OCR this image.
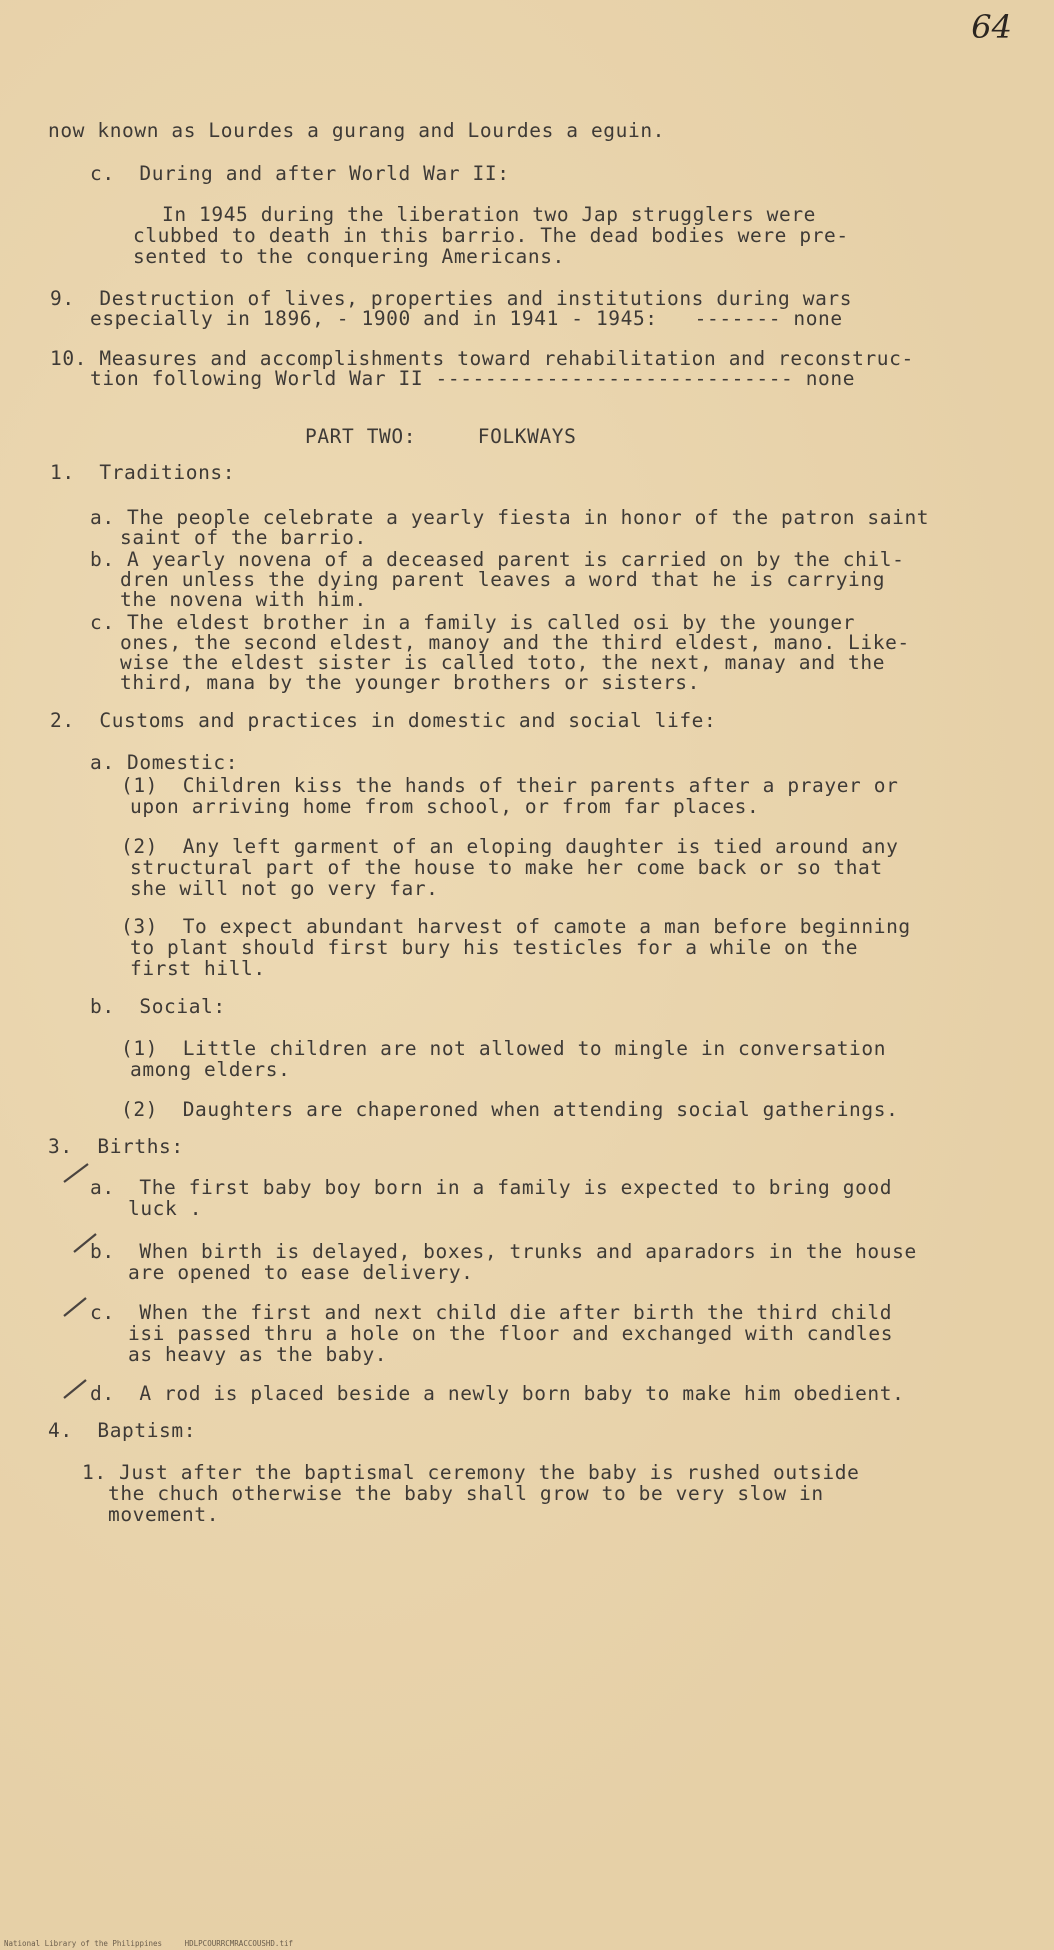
64
now known as Lourdes a gurang and Lourdes a eguin.
c.  During and after World War II:
In 1945 during the liberation two Jap strugglers were
clubbed to death in this barrio. The dead bodies were pre-
sented to the conquering Americans.
9.  Destruction of lives, properties and institutions during wars
especially in 1896, - 1900 and in 1941 - 1945:   ------- none
10. Measures and accomplishments toward rehabilitation and reconstruc-
tion following World War II ----------------------------- none
PART TWO:     FOLKWAYS
1.  Traditions:
a. The people celebrate a yearly fiesta in honor of the patron saint
saint of the barrio.
b. A yearly novena of a deceased parent is carried on by the chil-
dren unless the dying parent leaves a word that he is carrying
the novena with him.
c. The eldest brother in a family is called osi by the younger
ones, the second eldest, manoy and the third eldest, mano. Like-
wise the eldest sister is called toto, the next, manay and the
third, mana by the younger brothers or sisters.
2.  Customs and practices in domestic and social life:
a. Domestic:
(1)  Children kiss the hands of their parents after a prayer or
upon arriving home from school, or from far places.
(2)  Any left garment of an eloping daughter is tied around any
structural part of the house to make her come back or so that
she will not go very far.
(3)  To expect abundant harvest of camote a man before beginning
to plant should first bury his testicles for a while on the
first hill.
b.  Social:
(1)  Little children are not allowed to mingle in conversation
among elders.
(2)  Daughters are chaperoned when attending social gatherings.
3.  Births:
a.  The first baby boy born in a family is expected to bring good
luck .
b.  When birth is delayed, boxes, trunks and aparadors in the house
are opened to ease delivery.
c.  When the first and next child die after birth the third child
isi passed thru a hole on the floor and exchanged with candles
as heavy as the baby.
d.  A rod is placed beside a newly born baby to make him obedient.
4.  Baptism:
1. Just after the baptismal ceremony the baby is rushed outside
the chuch otherwise the baby shall grow to be very slow in
movement.
National Library of the Philippines     HDLPCOURRCMRACCOUSHD.tif
